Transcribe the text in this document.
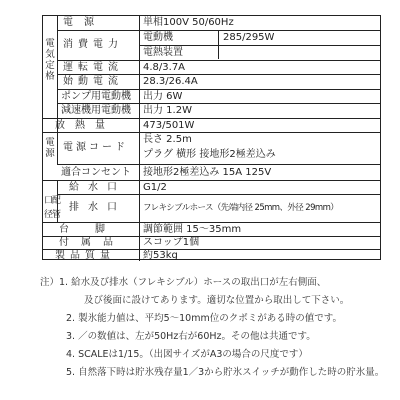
電気定格
電源
口配
径管
電源
消費電力
運転電流
始動電流
ポンプ用電動機
減速機用電動機
放熱量
電源コード
適合コンセント
給水口
排水口
台脚
付属品
製品質量
単相100V 50/60Hz
電動機	285/295W
電熱装置
4.8/3.7A
28.3/26.4A
出力 6W
出力 1.2W
473/501W
長さ 2.5m
プラグ 横形 接地形2極差込み
接地形2極差込み 15A 125V
G1/2
フレキシブルホース（先端内径 25mm、外径 29mm）
調節範囲 15～35mm
スコップ1個
約53kg
注）1. 給水及び排水（フレキシブル）ホースの取出口が左右側面、
及び後面に設けてあります。適切な位置から取出して下さい。
2. 製氷能力値は、平均5～10mm位のクボミがある時の値です。
3. ／の数値は、左が50Hz右が60Hz。その他は共通です。
4. SCALEは1/15。（出図サイズがA3の場合の尺度です）
5. 自然落下時は貯氷残存量1／3から貯氷スイッチが動作した時の貯氷量。
